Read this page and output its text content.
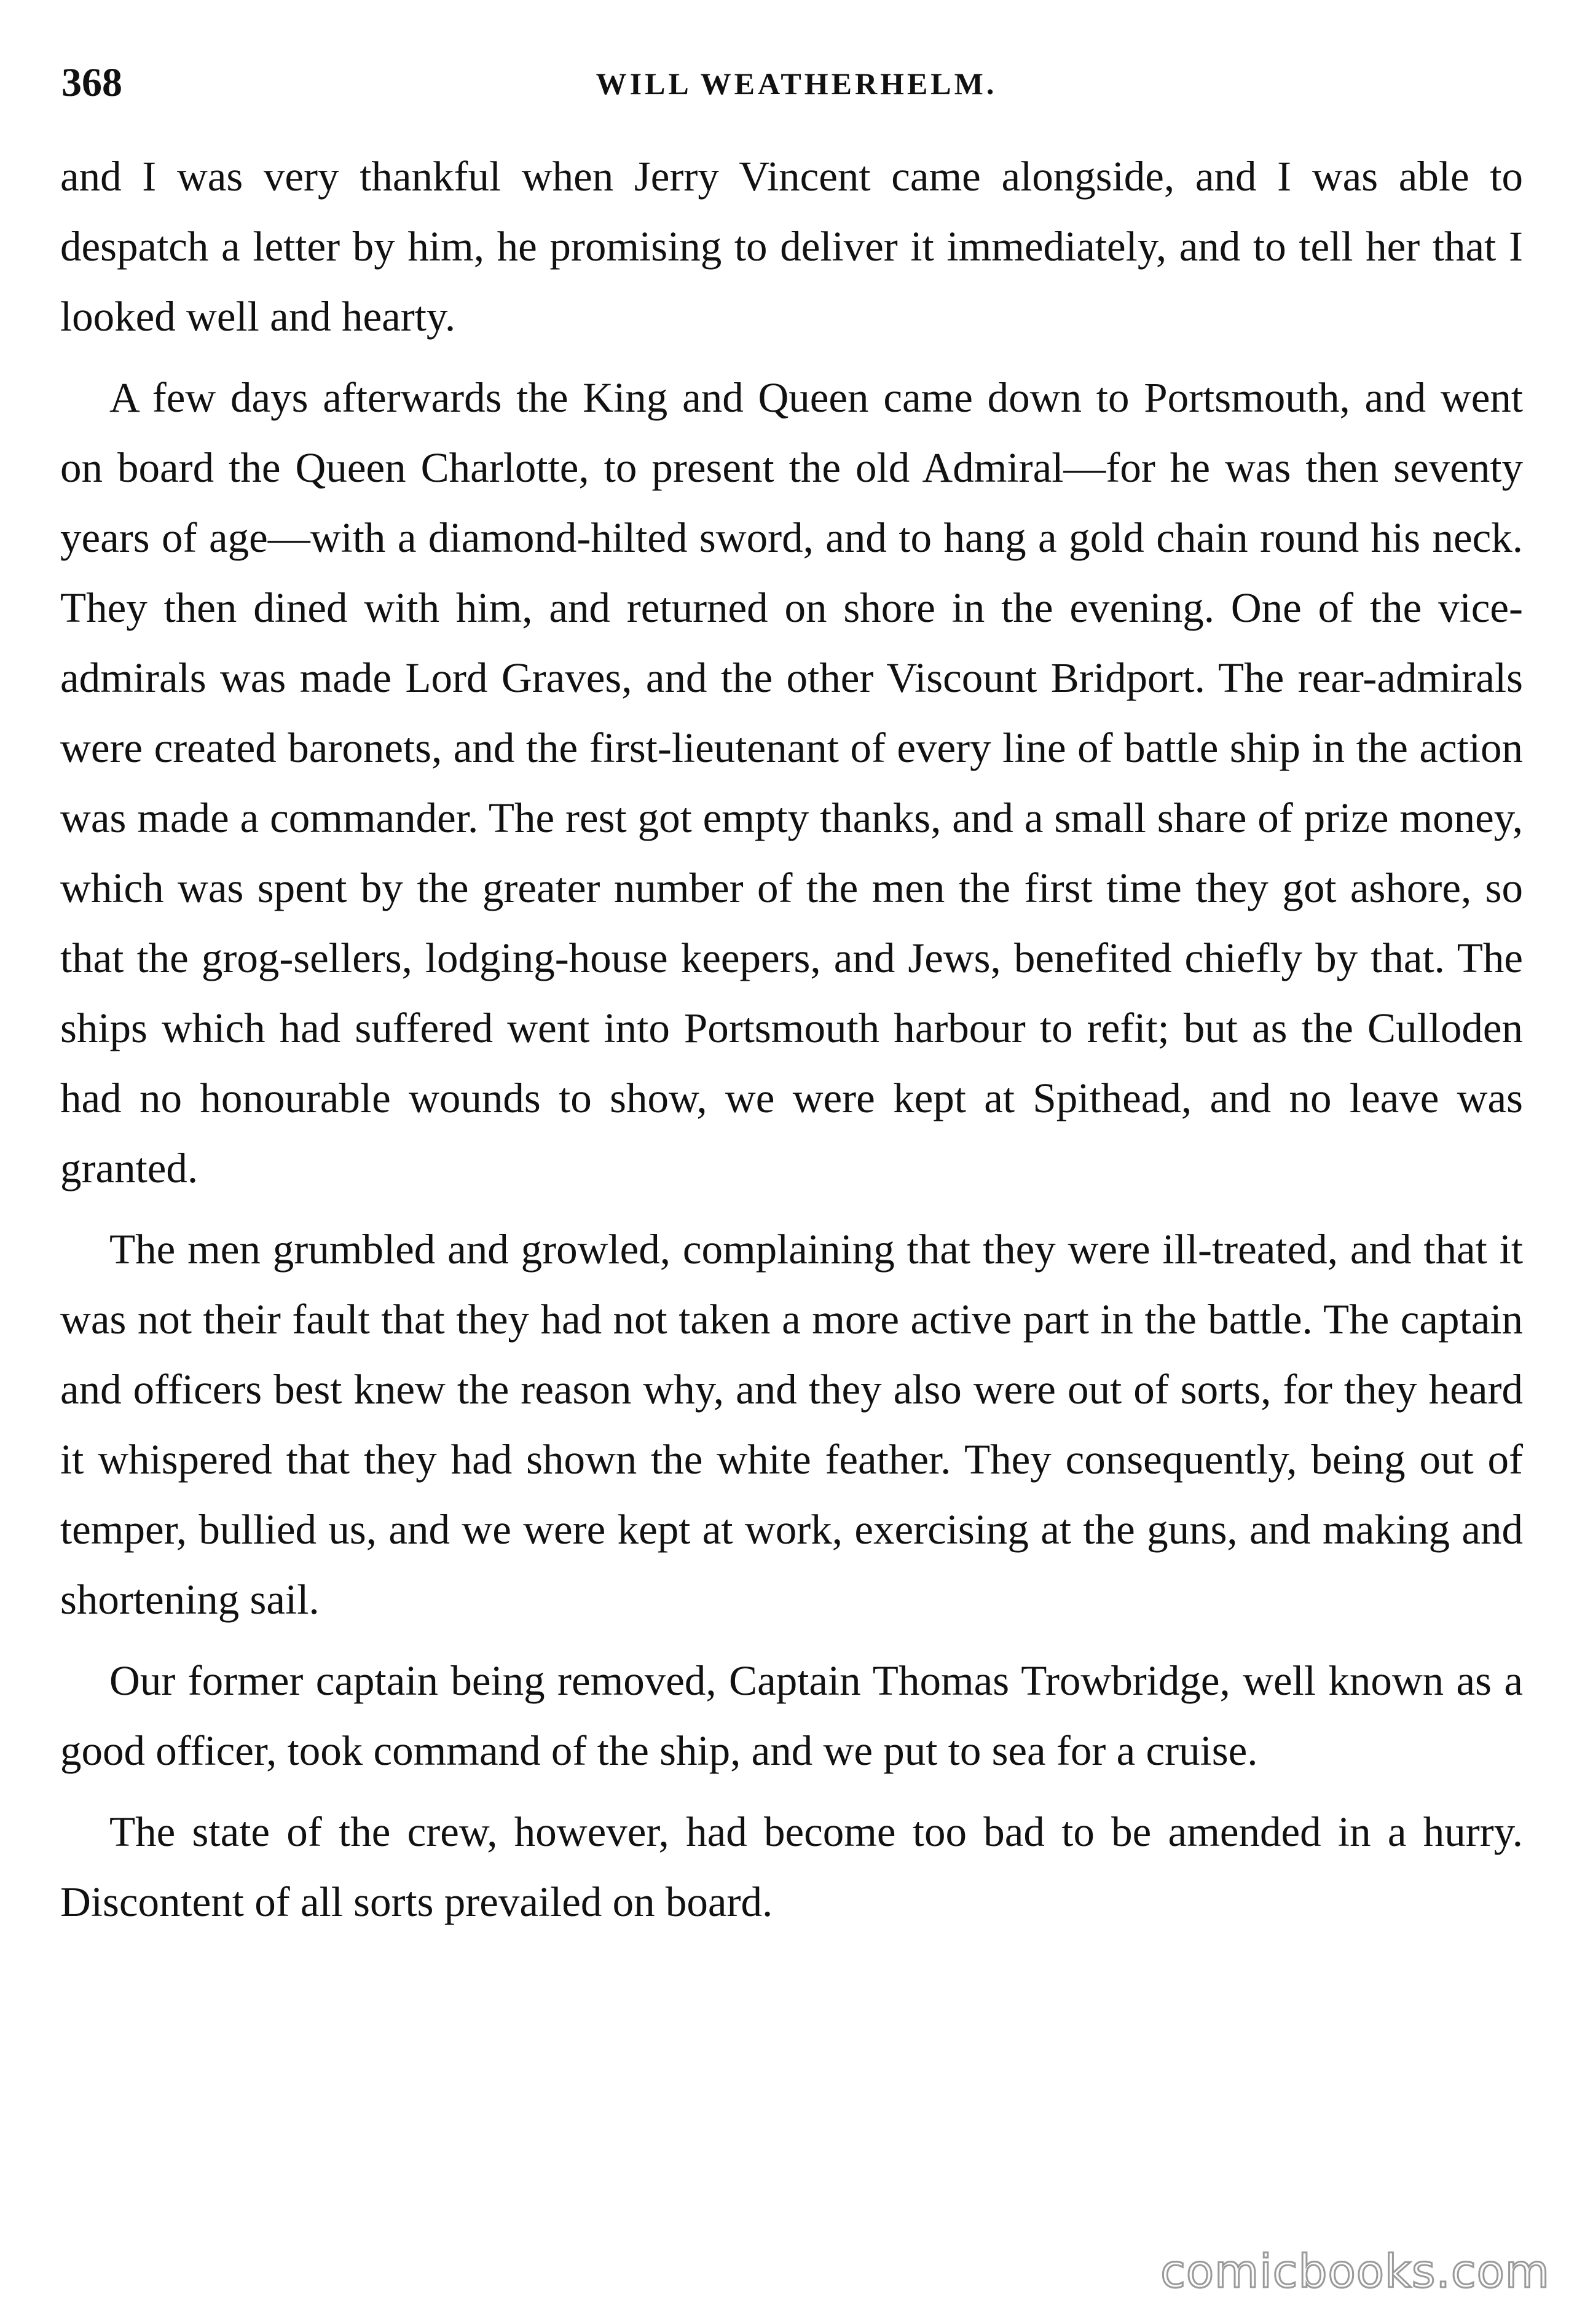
368	WILL WEATHERHELM.

and I was very thankful when Jerry Vincent came alongside, and I was able to despatch a letter by him, he promising to deliver it immediately, and to tell her that I looked well and hearty.

A few days afterwards the King and Queen came down to Portsmouth, and went on board the Queen Charlotte, to present the old Admiral—for he was then seventy years of age—with a diamond-hilted sword, and to hang a gold chain round his neck. They then dined with him, and returned on shore in the evening. One of the vice-admirals was made Lord Graves, and the other Viscount Bridport. The rear-admirals were created baronets, and the first-lieutenant of every line of battle ship in the action was made a commander. The rest got empty thanks, and a small share of prize money, which was spent by the greater number of the men the first time they got ashore, so that the grog-sellers, lodging-house keepers, and Jews, benefited chiefly by that. The ships which had suffered went into Portsmouth harbour to refit; but as the Culloden had no honourable wounds to show, we were kept at Spithead, and no leave was granted.

The men grumbled and growled, complaining that they were ill-treated, and that it was not their fault that they had not taken a more active part in the battle. The captain and officers best knew the reason why, and they also were out of sorts, for they heard it whispered that they had shown the white feather. They consequently, being out of temper, bullied us, and we were kept at work, exercising at the guns, and making and shortening sail.

Our former captain being removed, Captain Thomas Trowbridge, well known as a good officer, took command of the ship, and we put to sea for a cruise.

The state of the crew, however, had become too bad to be amended in a hurry. Discontent of all sorts prevailed on board.

comicbooks.com
